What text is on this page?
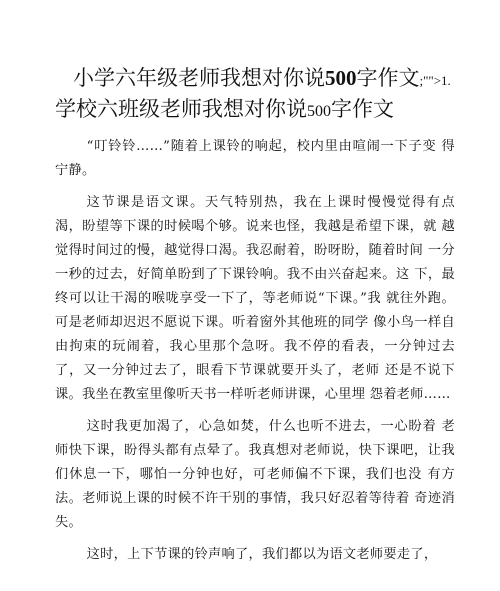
小学六年级老师我想对你说500字作文;"">1.
学校六班级老师我想对你说500字作文

“叮铃铃……”随着上课铃的响起，校内里由喧闹一下子变 得宁静。

这节课是语文课。天气特别热，我在上课时慢慢觉得有点 渴，盼望等下课的时候喝个够。说来也怪，我越是希望下课，就 越觉得时间过的慢，越觉得口渴。我忍耐着，盼呀盼，随着时间 一分一秒的过去，好简单盼到了下课铃响。我不由兴奋起来。这 下，最终可以让干渴的喉咙享受一下了，等老师说“下课。”我 就往外跑。可是老师却迟迟不愿说下课。听着窗外其他班的同学 像小鸟一样自由拘束的玩闹着，我心里那个急呀。我不停的看表，一分钟过去了，又一分钟过去了，眼看下节课就要开头了，老师 还是不说下课。我坐在教室里像听天书一样听老师讲课，心里埋 怨着老师……

这时我更加渴了，心急如焚，什么也听不进去，一心盼着 老师快下课，盼得头都有点晕了。我真想对老师说，快下课吧，让我们休息一下，哪怕一分钟也好，可老师偏不下课，我们也没 有方法。老师说上课的时候不许干别的事情，我只好忍着等待着 奇迹消失。

这时，上下节课的铃声响了，我们都以为语文老师要走了，
